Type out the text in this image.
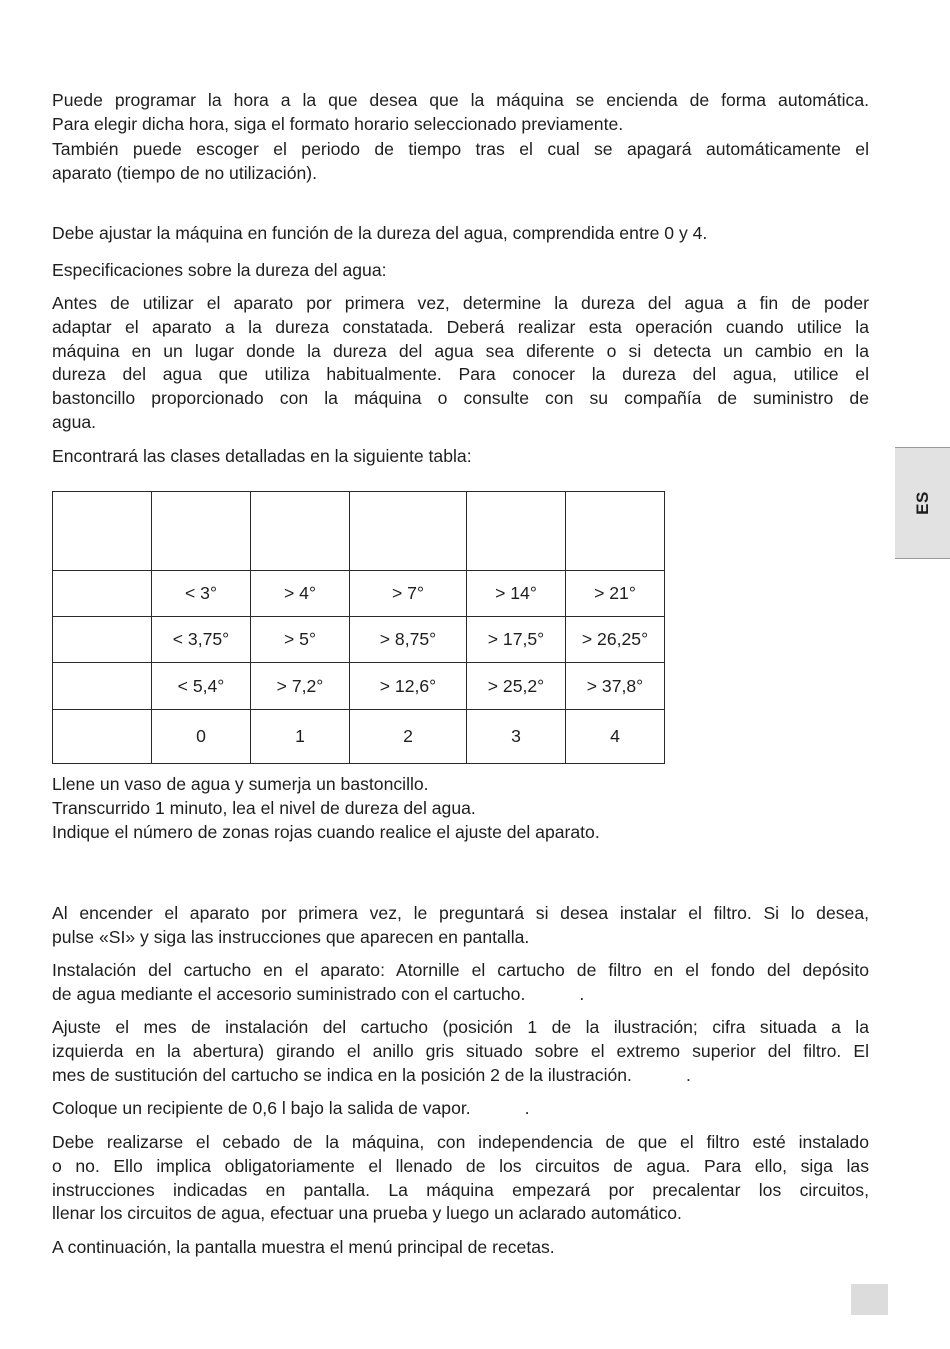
Puede programar la hora a la que desea que la máquina se encienda de forma automática.
Para elegir dicha hora, siga el formato horario seleccionado previamente.
También puede escoger el periodo de tiempo tras el cual se apagará automáticamente el
aparato (tiempo de no utilización).
Debe ajustar la máquina en función de la dureza del agua, comprendida entre 0 y 4.
Especificaciones sobre la dureza del agua:
Antes de utilizar el aparato por primera vez, determine la dureza del agua a fin de poder
adaptar el aparato a la dureza constatada. Deberá realizar esta operación cuando utilice la
máquina en un lugar donde la dureza del agua sea diferente o si detecta un cambio en la
dureza del agua que utiliza habitualmente. Para conocer la dureza del agua, utilice el
bastoncillo proporcionado con la máquina o consulte con su compañía de suministro de
agua.
Encontrará las clases detalladas en la siguiente tabla:

	< 3°	> 4°	> 7°	> 14°	> 21°
	< 3,75°	> 5°	> 8,75°	> 17,5°	> 26,25°
	< 5,4°	> 7,2°	> 12,6°	> 25,2°	> 37,8°
	0	1	2	3	4
Llene un vaso de agua y sumerja un bastoncillo.
Transcurrido 1 minuto, lea el nivel de dureza del agua.
Indique el número de zonas rojas cuando realice el ajuste del aparato.
Al encender el aparato por primera vez, le preguntará si desea instalar el filtro. Si lo desea,
pulse «SI» y siga las instrucciones que aparecen en pantalla.
Instalación del cartucho en el aparato: Atornille el cartucho de filtro en el fondo del depósito
de agua mediante el accesorio suministrado con el cartucho.	.
Ajuste el mes de instalación del cartucho (posición 1 de la ilustración; cifra situada a la
izquierda en la abertura) girando el anillo gris situado sobre el extremo superior del filtro. El
mes de sustitución del cartucho se indica en la posición 2 de la ilustración.	.
Coloque un recipiente de 0,6 l bajo la salida de vapor.	.
Debe realizarse el cebado de la máquina, con independencia de que el filtro esté instalado
o no. Ello implica obligatoriamente el llenado de los circuitos de agua. Para ello, siga las
instrucciones indicadas en pantalla. La máquina empezará por precalentar los circuitos,
llenar los circuitos de agua, efectuar una prueba y luego un aclarado automático.
A continuación, la pantalla muestra el menú principal de recetas.
ES
